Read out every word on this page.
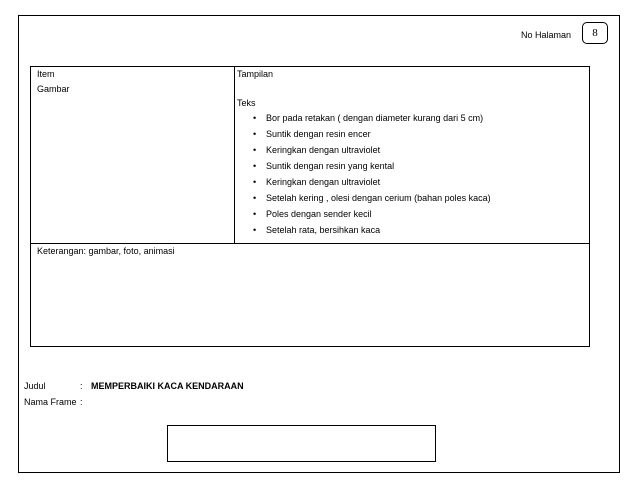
No Halaman	8
Item
Gambar
Tampilan
Teks
• Bor pada retakan ( dengan diameter kurang dari 5 cm)
• Suntik dengan resin encer
• Keringkan dengan ultraviolet
• Suntik dengan resin yang kental
• Keringkan dengan ultraviolet
• Setelah kering , olesi dengan cerium (bahan poles kaca)
• Poles dengan sender kecil
• Setelah rata, bersihkan kaca
Keterangan: gambar, foto, animasi
Judul	: MEMPERBAIKI KACA KENDARAAN
Nama Frame :
